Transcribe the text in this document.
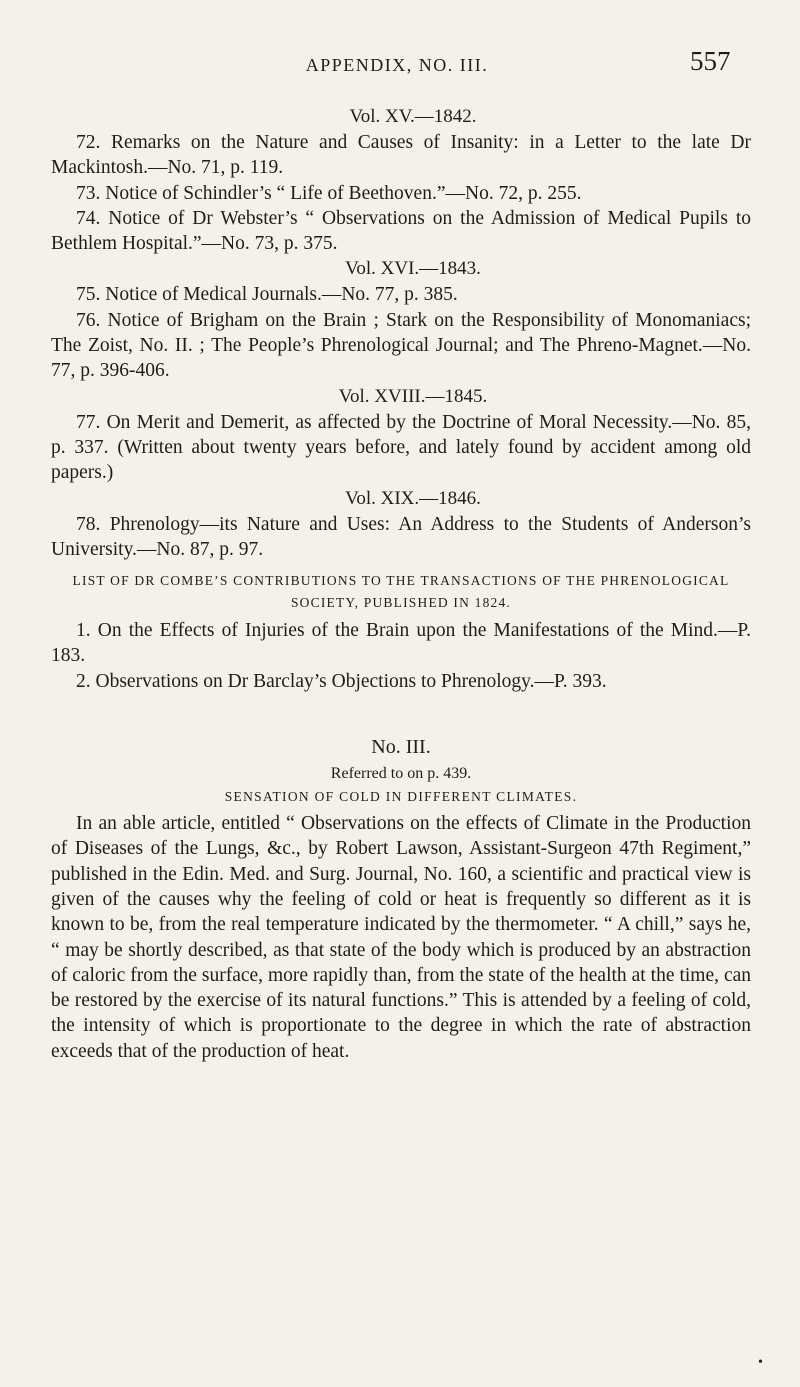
APPENDIX, NO. III.	557

Vol. XV.—1842.

72. Remarks on the Nature and Causes of Insanity: in a Letter to the late Dr Mackintosh.—No. 71, p. 119.

73. Notice of Schindler’s “ Life of Beethoven.”—No. 72, p. 255.

74. Notice of Dr Webster’s “ Observations on the Admission of Medical Pupils to Bethlem Hospital.”—No. 73, p. 375.

Vol. XVI.—1843.

75. Notice of Medical Journals.—No. 77, p. 385.

76. Notice of Brigham on the Brain ; Stark on the Responsibility of Monomaniacs; The Zoist, No. II. ; The People’s Phrenological Journal; and The Phreno-Magnet.—No. 77, p. 396-406.

Vol. XVIII.—1845.

77. On Merit and Demerit, as affected by the Doctrine of Moral Necessity.—No. 85, p. 337. (Written about twenty years before, and lately found by accident among old papers.)

Vol. XIX.—1846.

78. Phrenology—its Nature and Uses: An Address to the Students of Anderson’s University.—No. 87, p. 97.

LIST OF DR COMBE’S CONTRIBUTIONS TO THE TRANSACTIONS OF THE PHRENOLOGICAL SOCIETY, PUBLISHED IN 1824.

1. On the Effects of Injuries of the Brain upon the Manifestations of the Mind.—P. 183.

2. Observations on Dr Barclay’s Objections to Phrenology.—P. 393.

No. III.
Referred to on p. 439.
SENSATION OF COLD IN DIFFERENT CLIMATES.

In an able article, entitled “ Observations on the effects of Climate in the Production of Diseases of the Lungs, &c., by Robert Lawson, Assistant-Surgeon 47th Regiment,” published in the Edin. Med. and Surg. Journal, No. 160, a scientific and practical view is given of the causes why the feeling of cold or heat is frequently so different as it is known to be, from the real temperature indicated by the thermometer. “ A chill,” says he, “ may be shortly described, as that state of the body which is produced by an abstraction of caloric from the surface, more rapidly than, from the state of the health at the time, can be restored by the exercise of its natural functions.” This is attended by a feeling of cold, the intensity of which is proportionate to the degree in which the rate of abstraction exceeds that of the production of heat.

•
